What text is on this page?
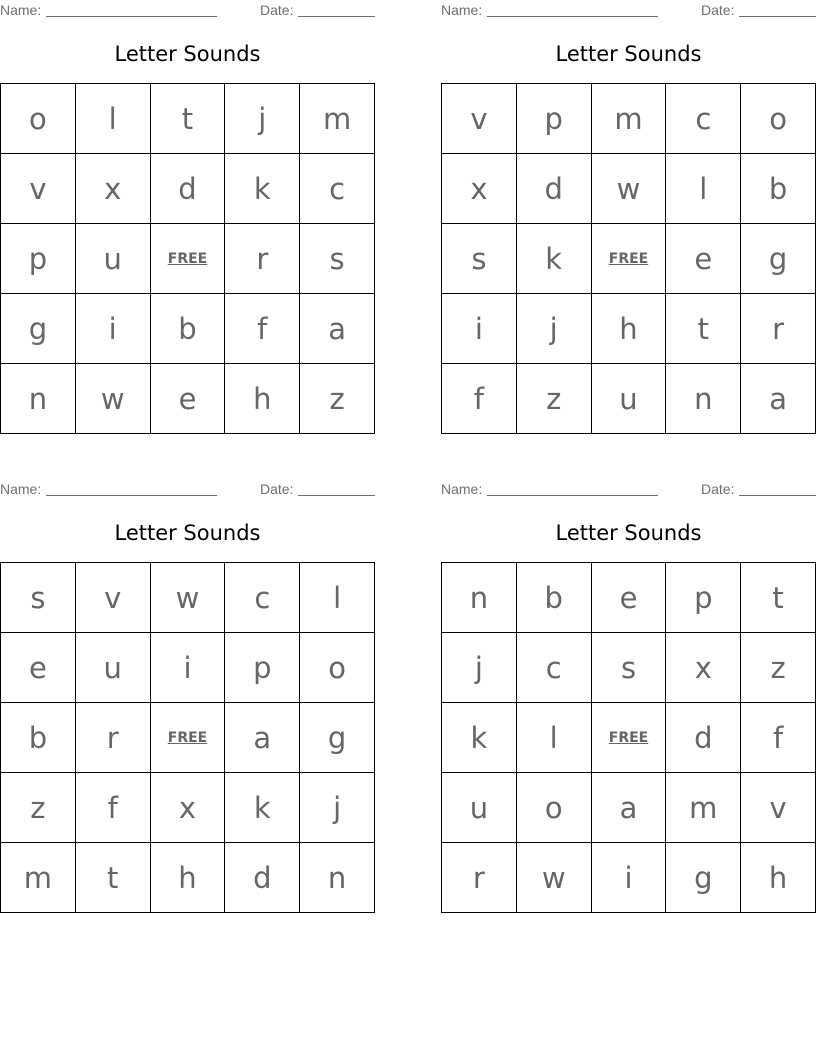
Name:	Date:
Letter Sounds
o	l	t	j	m
v	x	d	k	c
p	u	FREE	r	s
g	i	b	f	a
n	w	e	h	z
Name:	Date:
Letter Sounds
v	p	m	c	o
x	d	w	l	b
s	k	FREE	e	g
i	j	h	t	r
f	z	u	n	a
Name:	Date:
Letter Sounds
s	v	w	c	l
e	u	i	p	o
b	r	FREE	a	g
z	f	x	k	j
m	t	h	d	n
Name:	Date:
Letter Sounds
n	b	e	p	t
j	c	s	x	z
k	l	FREE	d	f
u	o	a	m	v
r	w	i	g	h
